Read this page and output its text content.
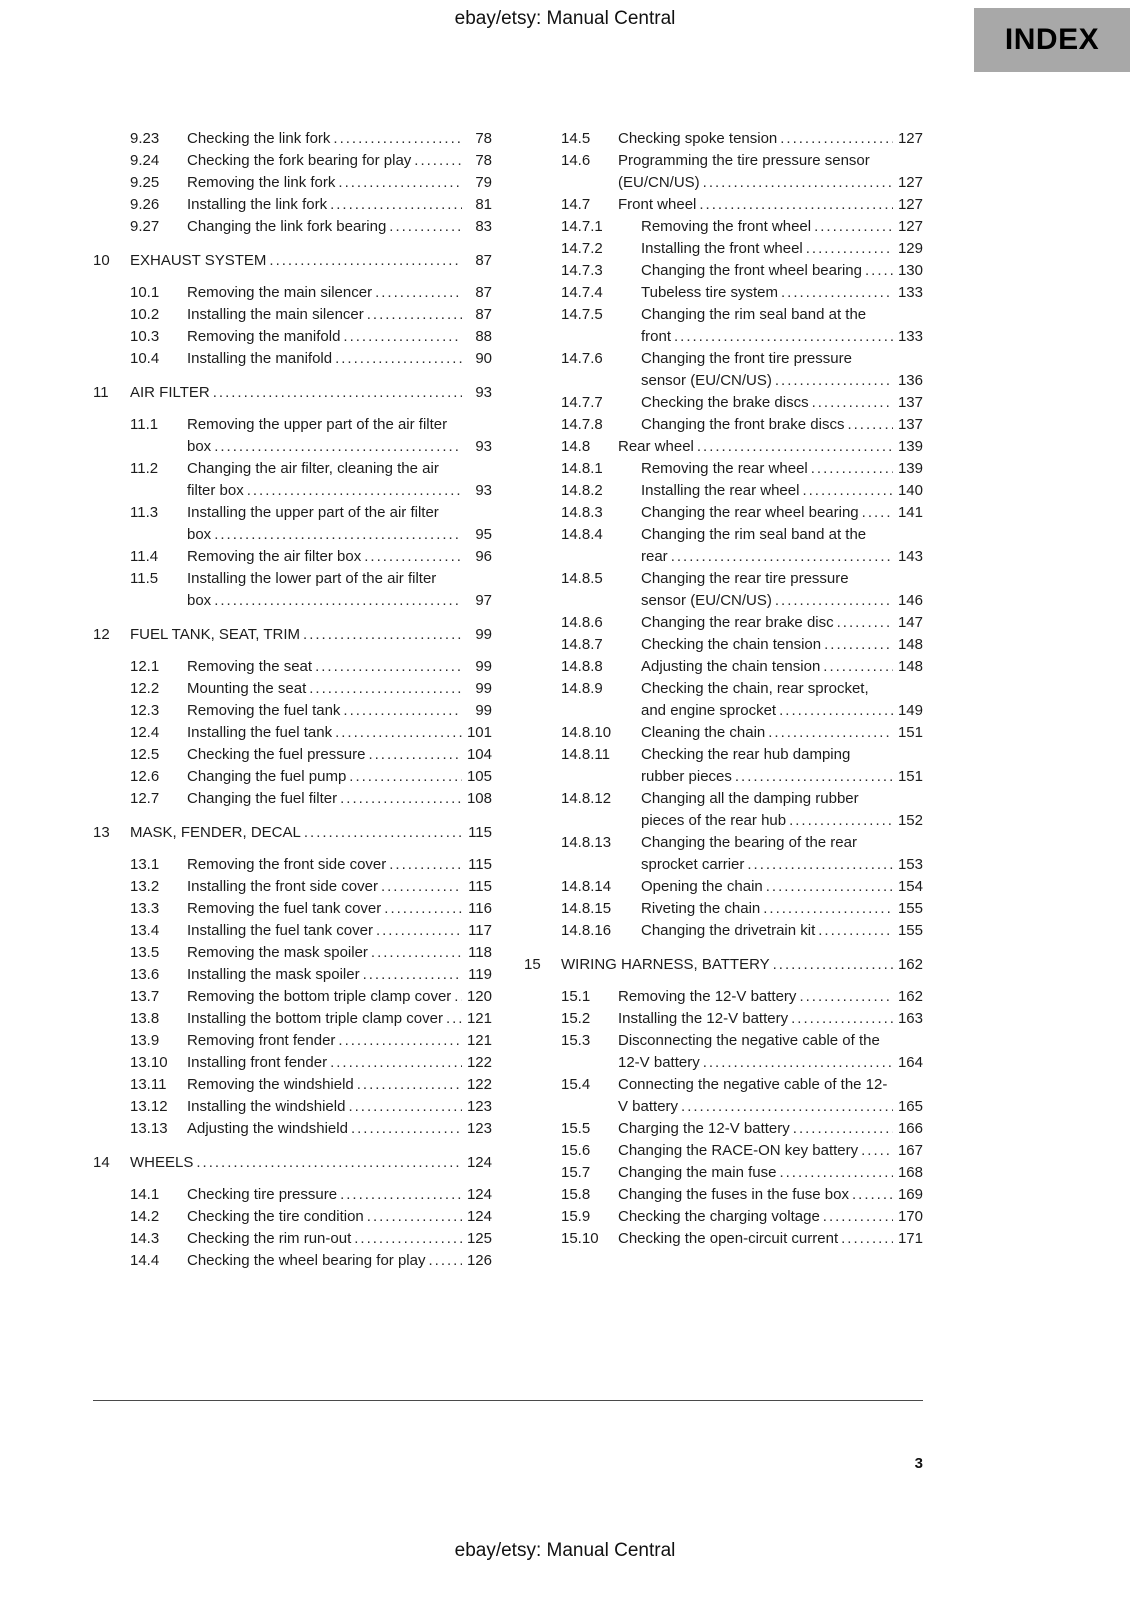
ebay/etsy: Manual Central
INDEX
9.23	Checking the link fork .....	78
9.24	Checking the fork bearing for play .....	78
9.25	Removing the link fork .....	79
9.26	Installing the link fork .....	81
9.27	Changing the link fork bearing .....	83
10	EXHAUST SYSTEM .....	87
10.1	Removing the main silencer .....	87
10.2	Installing the main silencer .....	87
10.3	Removing the manifold .....	88
10.4	Installing the manifold .....	90
11	AIR FILTER .....	93
11.1	Removing the upper part of the air filter box .....	93
11.2	Changing the air filter, cleaning the air filter box .....	93
11.3	Installing the upper part of the air filter box .....	95
11.4	Removing the air filter box .....	96
11.5	Installing the lower part of the air filter box .....	97
12	FUEL TANK, SEAT, TRIM .....	99
12.1	Removing the seat .....	99
12.2	Mounting the seat .....	99
12.3	Removing the fuel tank .....	99
12.4	Installing the fuel tank .....	101
12.5	Checking the fuel pressure .....	104
12.6	Changing the fuel pump .....	105
12.7	Changing the fuel filter .....	108
13	MASK, FENDER, DECAL .....	115
13.1	Removing the front side cover .....	115
13.2	Installing the front side cover .....	115
13.3	Removing the fuel tank cover .....	116
13.4	Installing the fuel tank cover .....	117
13.5	Removing the mask spoiler .....	118
13.6	Installing the mask spoiler .....	119
13.7	Removing the bottom triple clamp cover .....	120
13.8	Installing the bottom triple clamp cover .....	121
13.9	Removing front fender .....	121
13.10	Installing front fender .....	122
13.11	Removing the windshield .....	122
13.12	Installing the windshield .....	123
13.13	Adjusting the windshield .....	123
14	WHEELS .....	124
14.1	Checking tire pressure .....	124
14.2	Checking the tire condition .....	124
14.3	Checking the rim run-out .....	125
14.4	Checking the wheel bearing for play .....	126
14.5	Checking spoke tension .....	127
14.6	Programming the tire pressure sensor (EU/CN/US) .....	127
14.7	Front wheel .....	127
14.7.1	Removing the front wheel .....	127
14.7.2	Installing the front wheel .....	129
14.7.3	Changing the front wheel bearing .....	130
14.7.4	Tubeless tire system .....	133
14.7.5	Changing the rim seal band at the front .....	133
14.7.6	Changing the front tire pressure sensor (EU/CN/US) .....	136
14.7.7	Checking the brake discs .....	137
14.7.8	Changing the front brake discs .....	137
14.8	Rear wheel .....	139
14.8.1	Removing the rear wheel .....	139
14.8.2	Installing the rear wheel .....	140
14.8.3	Changing the rear wheel bearing .....	141
14.8.4	Changing the rim seal band at the rear .....	143
14.8.5	Changing the rear tire pressure sensor (EU/CN/US) .....	146
14.8.6	Changing the rear brake disc .....	147
14.8.7	Checking the chain tension .....	148
14.8.8	Adjusting the chain tension .....	148
14.8.9	Checking the chain, rear sprocket, and engine sprocket .....	149
14.8.10	Cleaning the chain .....	151
14.8.11	Checking the rear hub damping rubber pieces .....	151
14.8.12	Changing all the damping rubber pieces of the rear hub .....	152
14.8.13	Changing the bearing of the rear sprocket carrier .....	153
14.8.14	Opening the chain .....	154
14.8.15	Riveting the chain .....	155
14.8.16	Changing the drivetrain kit .....	155
15	WIRING HARNESS, BATTERY .....	162
15.1	Removing the 12-V battery .....	162
15.2	Installing the 12-V battery .....	163
15.3	Disconnecting the negative cable of the 12-V battery .....	164
15.4	Connecting the negative cable of the 12-V battery .....	165
15.5	Charging the 12-V battery .....	166
15.6	Changing the RACE-ON key battery .....	167
15.7	Changing the main fuse .....	168
15.8	Changing the fuses in the fuse box .....	169
15.9	Checking the charging voltage .....	170
15.10	Checking the open-circuit current .....	171
3
ebay/etsy: Manual Central
